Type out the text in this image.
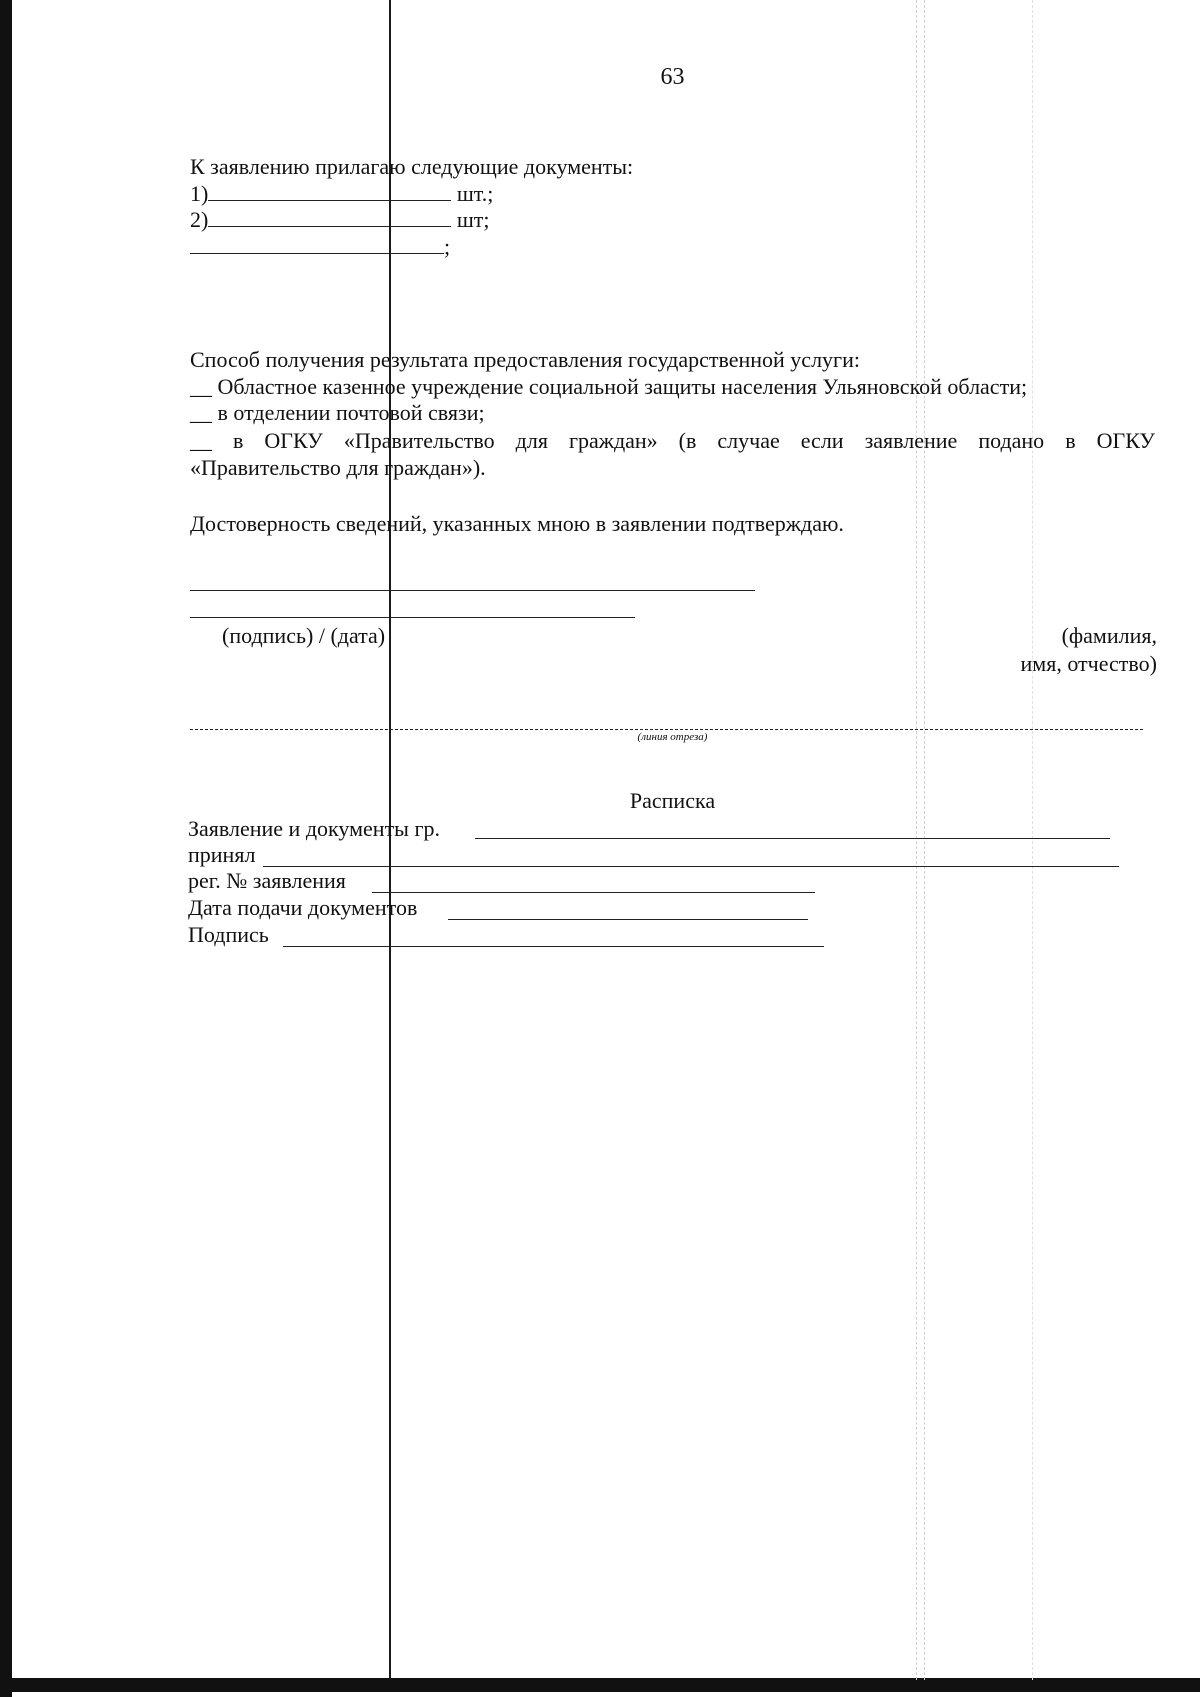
63
К заявлению прилагаю следующие документы:
1)	шт.;
2)	шт;
;
Способ получения результата предоставления государственной услуги:
__ Областное казенное учреждение социальной защиты населения Ульяновской области;
__ в отделении почтовой связи;
__ в ОГКУ «Правительство для граждан» (в случае если заявление подано в ОГКУ
«Правительство для граждан»).
Достоверность сведений, указанных мною в заявлении подтверждаю.
(подпись) / (дата)	(фамилия,
имя, отчество)
(линия отреза)
Расписка
Заявление и документы гр.
принял
рег. № заявления
Дата подачи документов
Подпись
